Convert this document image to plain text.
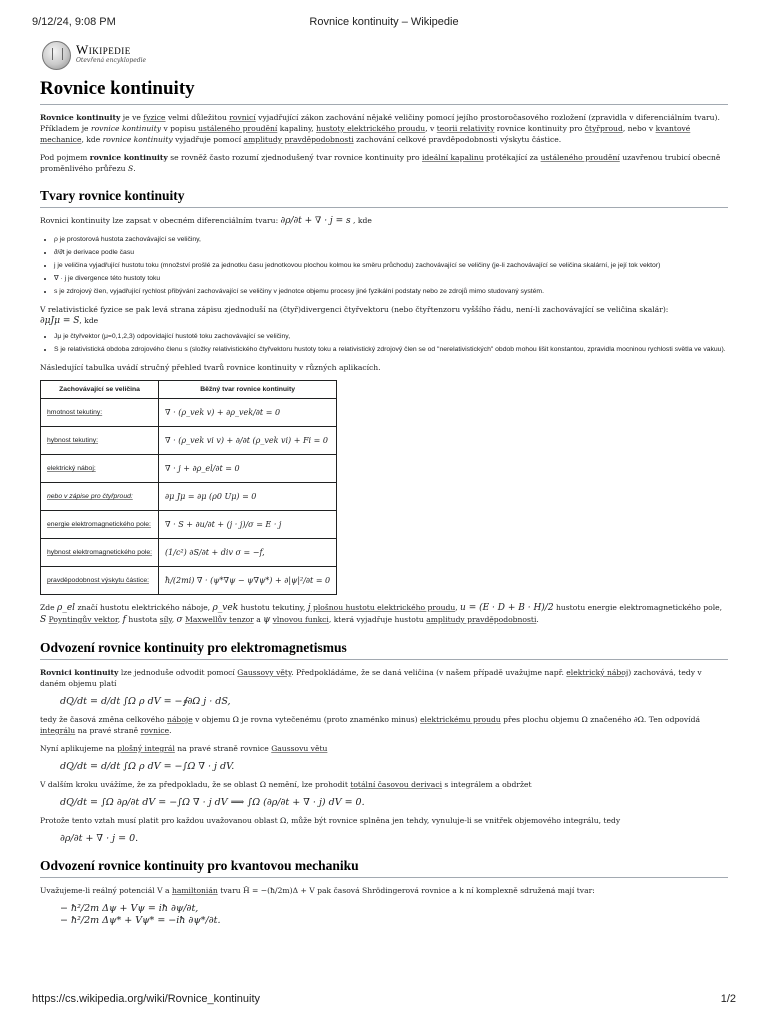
9/12/24, 9:08 PM	Rovnice kontinuity – Wikipedie
Wikipedie
Otevřená encyklopedie
Rovnice kontinuity

Rovnice kontinuity je ve fyzice velmi důležitou rovnicí vyjadřující zákon zachování nějaké veličiny pomocí jejího prostoročasového rozložení (zpravidla v diferenciálním tvaru). Příkladem je rovnice kontinuity v popisu ustáleného proudění kapaliny, hustoty elektrického proudu, v teorii relativity rovnice kontinuity pro čtyřproud, nebo v kvantové mechanice, kde rovnice kontinuity vyjadřuje pomocí amplitudy pravděpodobnosti zachování celkové pravděpodobnosti výskytu částice.

Pod pojmem rovnice kontinuity se rovněž často rozumí zjednodušený tvar rovnice kontinuity pro ideální kapalinu protékající za ustáleného proudění uzavřenou trubicí obecně proměnlivého průřezu S.

Tvary rovnice kontinuity

Rovnici kontinuity lze zapsat v obecném diferenciálním tvaru: ∂ρ/∂t + ∇ · j = s , kde

• ρ je prostorová hustota zachovávající se veličiny,
• ∂/∂t je derivace podle času
• j je veličina vyjadřující hustotu toku (množství prošlé za jednotku času jednotkovou plochou kolmou ke směru průchodu) zachovávající se veličiny (je-li zachovávající se veličina skalární, je její tok vektor)
• ∇ · j je divergence této hustoty toku
• s je zdrojový člen, vyjadřující rychlost přibývání zachovávající se veličiny v jednotce objemu procesy jiné fyzikální podstaty nebo ze zdrojů mimo studovaný systém.

V relativistické fyzice se pak levá strana zápisu zjednoduší na (čtyř)divergenci čtyřvektoru (nebo čtyřtenzoru vyššího řádu, není-li zachovávající se veličina skalár):
∂μJμ = S, kde

• Jμ je čtyřvektor (μ=0,1,2,3) odpovídající hustotě toku zachovávající se veličiny,
• S je relativistická obdoba zdrojového členu s (složky relativistického čtyřvektoru hustoty toku a relativistický zdrojový člen se od "nerelativistických" obdob mohou lišit konstantou, zpravidla mocninou rychlosti světla ve vakuu).

Následující tabulka uvádí stručný přehled tvarů rovnice kontinuity v různých aplikacích.

Zachovávající se veličina	Běžný tvar rovnice kontinuity
hmotnost tekutiny:	∇ · (ρ_vek v) + ∂ρ_vek/∂t = 0
hybnost tekutiny:	∇ · (ρ_vek vi v) + ∂/∂t (ρ_vek vi) + Fi = 0
elektrický náboj:	∇ · j + ∂ρ_el/∂t = 0
nebo v zápise pro čtyřproud:	∂μ Jμ = ∂μ (ρ0 Uμ) = 0
energie elektromagnetického pole:	∇ · S + ∂u/∂t + (j · j)/σ = E · j
hybnost elektromagnetického pole:	(1/c²) ∂S/∂t + div σ = −f,
pravděpodobnost výskytu částice:	ħ/(2mi) ∇ · (ψ*∇ψ − ψ∇ψ*) + ∂|ψ|²/∂t = 0

Zde ρ_el značí hustotu elektrického náboje, ρ_vek hustotu tekutiny, j plošnou hustotu elektrického proudu, u = (E · D + B · H)/2 hustotu energie elektromagnetického pole, S Poyntingův vektor, f hustota síly, σ Maxwellův tenzor a ψ vlnovou funkci, která vyjadřuje hustotu amplitudy pravděpodobnosti.

Odvození rovnice kontinuity pro elektromagnetismus

Rovnici kontinuity lze jednoduše odvodit pomocí Gaussovy věty. Předpokládáme, že se daná veličina (v našem případě uvažujme např. elektrický náboj) zachovává, tedy v daném objemu platí

dQ/dt = d/dt ∫Ω ρ dV = −∮∂Ω j · dS,

tedy že časová změna celkového náboje v objemu Ω je rovna vytečenému (proto znaménko minus) elektrickému proudu přes plochu objemu Ω značeného ∂Ω. Ten odpovídá integrálu na pravé straně rovnice.

Nyní aplikujeme na plošný integrál na pravé straně rovnice Gaussovu větu

dQ/dt = d/dt ∫Ω ρ dV = −∫Ω ∇ · j dV.

V dalším kroku uvážíme, že za předpokladu, že se oblast Ω nemění, lze prohodit totální časovou derivaci s integrálem a obdržet

dQ/dt = ∫Ω ∂ρ/∂t dV = −∫Ω ∇ · j dV ⟹ ∫Ω (∂ρ/∂t + ∇ · j) dV = 0.

Protože tento vztah musí platit pro každou uvažovanou oblast Ω, může být rovnice splněna jen tehdy, vynuluje-li se vnitřek objemového integrálu, tedy

∂ρ/∂t + ∇ · j = 0.
Odvození rovnice kontinuity pro kvantovou mechaniku

Uvažujeme-li reálný potenciál V a hamiltonián tvaru Ĥ = −(ħ/2m)Δ + V pak časová Shrödingerová rovnice a k ní komplexně sdružená mají tvar:

− ħ²/2m Δψ + Vψ = iħ ∂ψ/∂t,
− ħ²/2m Δψ* + Vψ* = −iħ ∂ψ*/∂t.
https://cs.wikipedia.org/wiki/Rovnice_kontinuity	1/2
